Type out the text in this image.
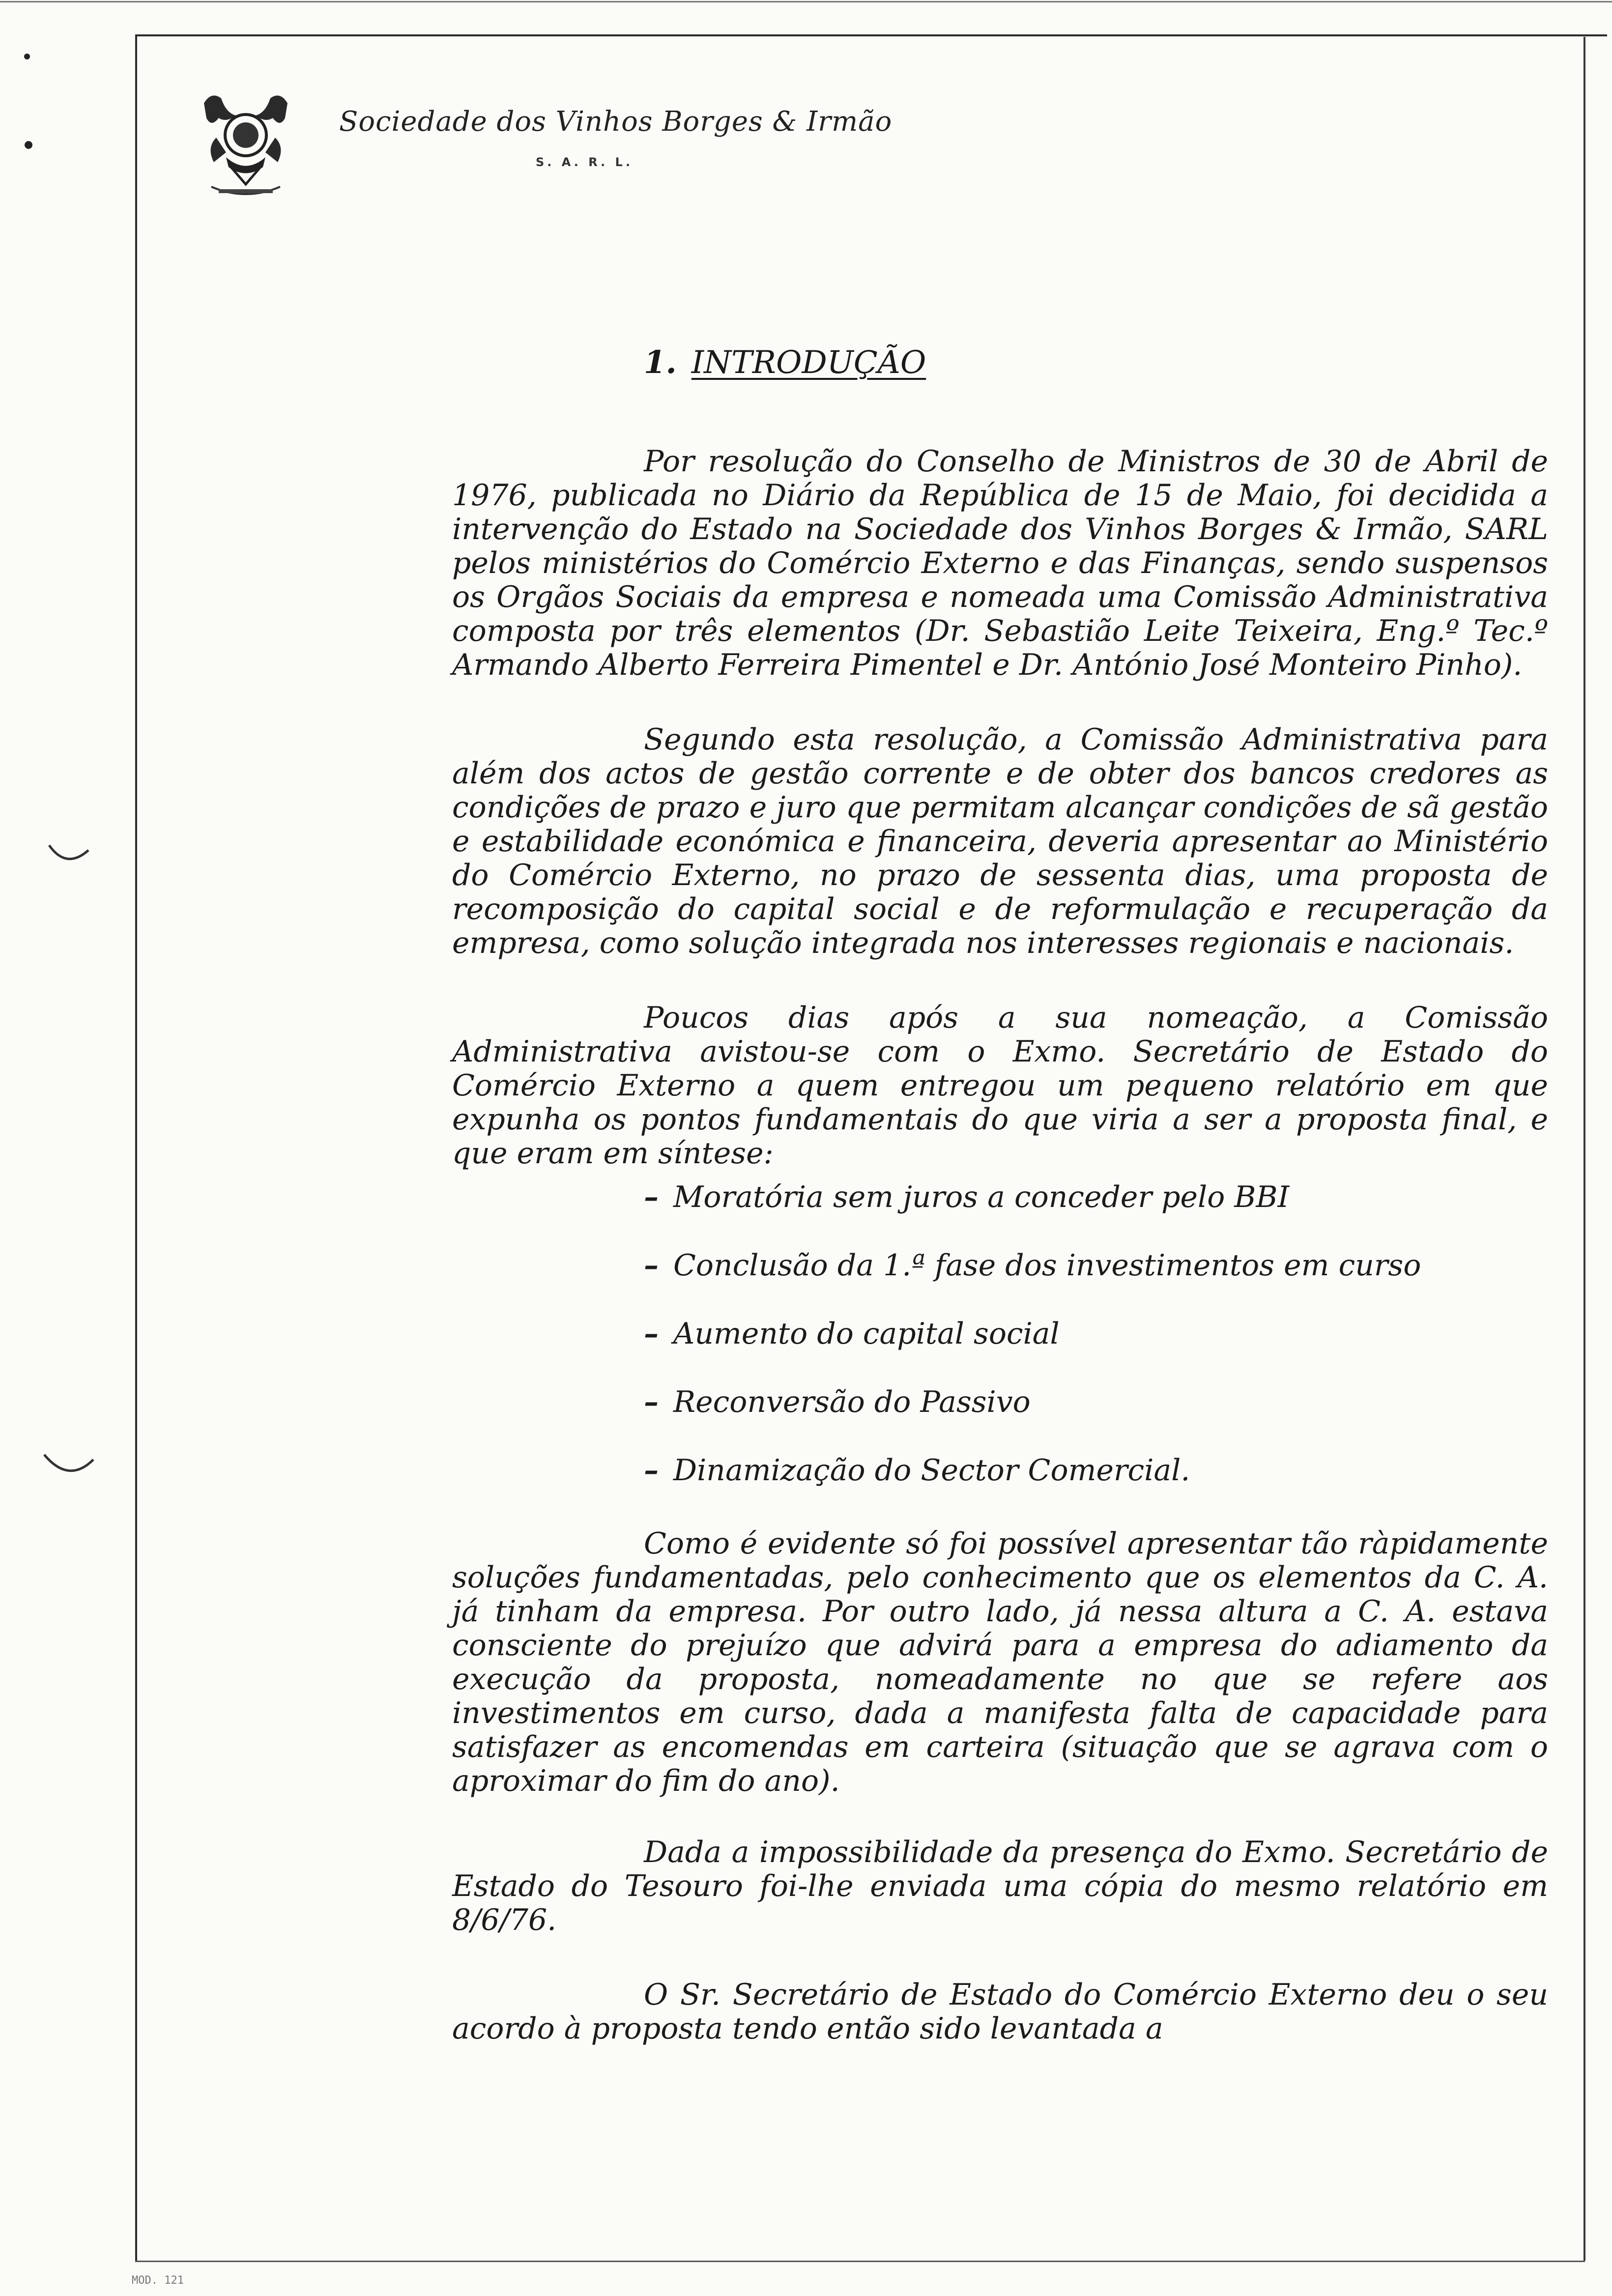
Sociedade dos Vinhos Borges & Irmão
S. A. R. L.
1. INTRODUÇÃO

Por resolução do Conselho de Ministros de 30 de Abril de 1976, publicada no Diário da República de 15 de Maio, foi decidida a intervenção do Estado na Sociedade dos Vinhos Borges & Irmão, SARL pelos ministérios do Comércio Externo e das Finanças, sendo suspensos os Orgãos Sociais da empresa e nomeada uma Comissão Administrativa composta por três elementos (Dr. Sebastião Leite Teixeira, Eng.º Tec.º Armando Alberto Ferreira Pimentel e Dr. António José Monteiro Pinho).

Segundo esta resolução, a Comissão Administrativa para além dos actos de gestão corrente e de obter dos bancos credores as condições de prazo e juro que permitam alcançar condições de sã gestão e estabilidade económica e financeira, deveria apresentar ao Ministério do Comércio Externo, no prazo de sessenta dias, uma proposta de recomposição do capital social e de reformulação e recuperação da empresa, como solução integrada nos interesses regionais e nacionais.

Poucos dias após a sua nomeação, a Comissão Administrativa avistou-se com o Exmo. Secretário de Estado do Comércio Externo a quem entregou um pequeno relatório em que expunha os pontos fundamentais do que viria a ser a proposta final, e que eram em síntese:

– Moratória sem juros a conceder pelo BBI
– Conclusão da 1.ª fase dos investimentos em curso
– Aumento do capital social
– Reconversão do Passivo
– Dinamização do Sector Comercial.

Como é evidente só foi possível apresentar tão ràpidamente soluções fundamentadas, pelo conhecimento que os elementos da C. A. já tinham da empresa. Por outro lado, já nessa altura a C. A. estava consciente do prejuízo que advirá para a empresa do adiamento da execução da proposta, nomeadamente no que se refere aos investimentos em curso, dada a manifesta falta de capacidade para satisfazer as encomendas em carteira (situação que se agrava com o aproximar do fim do ano).

Dada a impossibilidade da presença do Exmo. Secretário de Estado do Tesouro foi-lhe enviada uma cópia do mesmo relatório em 8/6/76.

O Sr. Secretário de Estado do Comércio Externo deu o seu acordo à proposta tendo então sido levantada a

MOD. 121
